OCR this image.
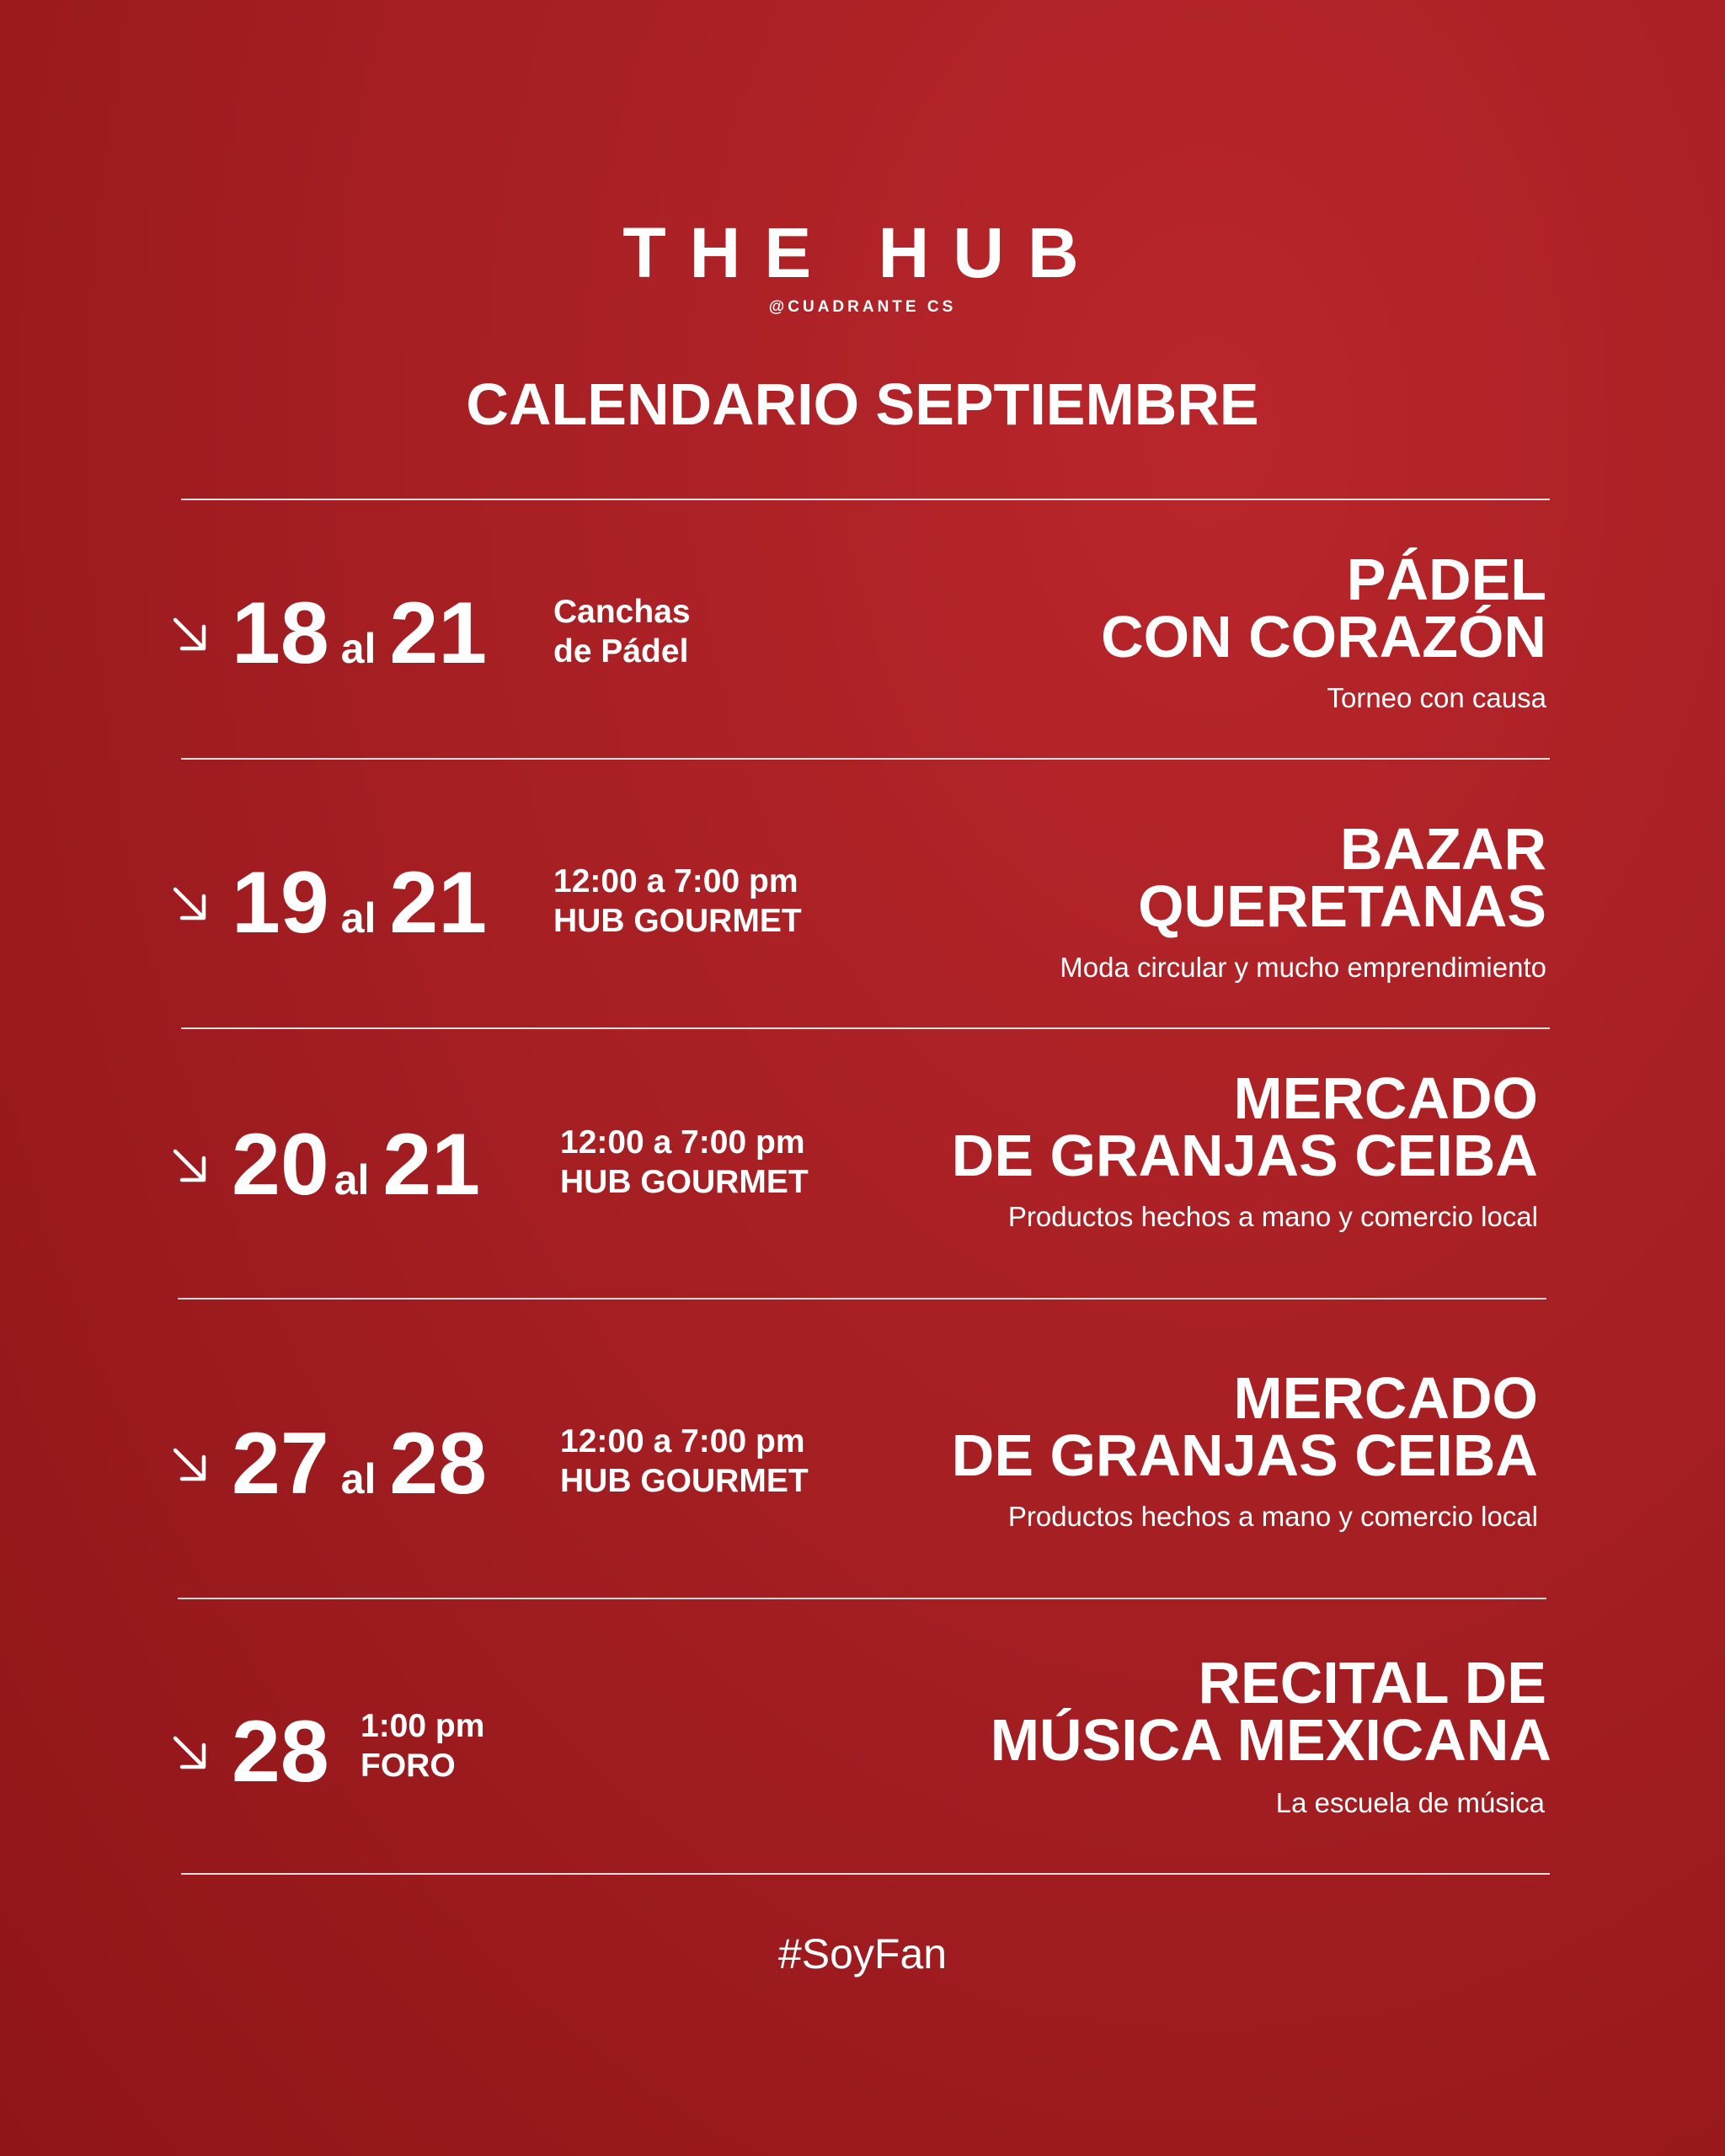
THE HUB
@CUADRANTE CS
CALENDARIO SEPTIEMBRE
18 al 21 Canchas
de Pádel
PÁDEL
CON CORAZÓN
Torneo con causa
19 al 21 12:00 a 7:00 pm
HUB GOURMET
BAZAR
QUERETANAS
Moda circular y mucho emprendimiento
20 al 21 12:00 a 7:00 pm
HUB GOURMET
MERCADO
DE GRANJAS CEIBA
Productos hechos a mano y comercio local
27 al 28 12:00 a 7:00 pm
HUB GOURMET
MERCADO
DE GRANJAS CEIBA
Productos hechos a mano y comercio local
28 1:00 pm
FORO
RECITAL DE
MÚSICA MEXICANA
La escuela de música
#SoyFan
